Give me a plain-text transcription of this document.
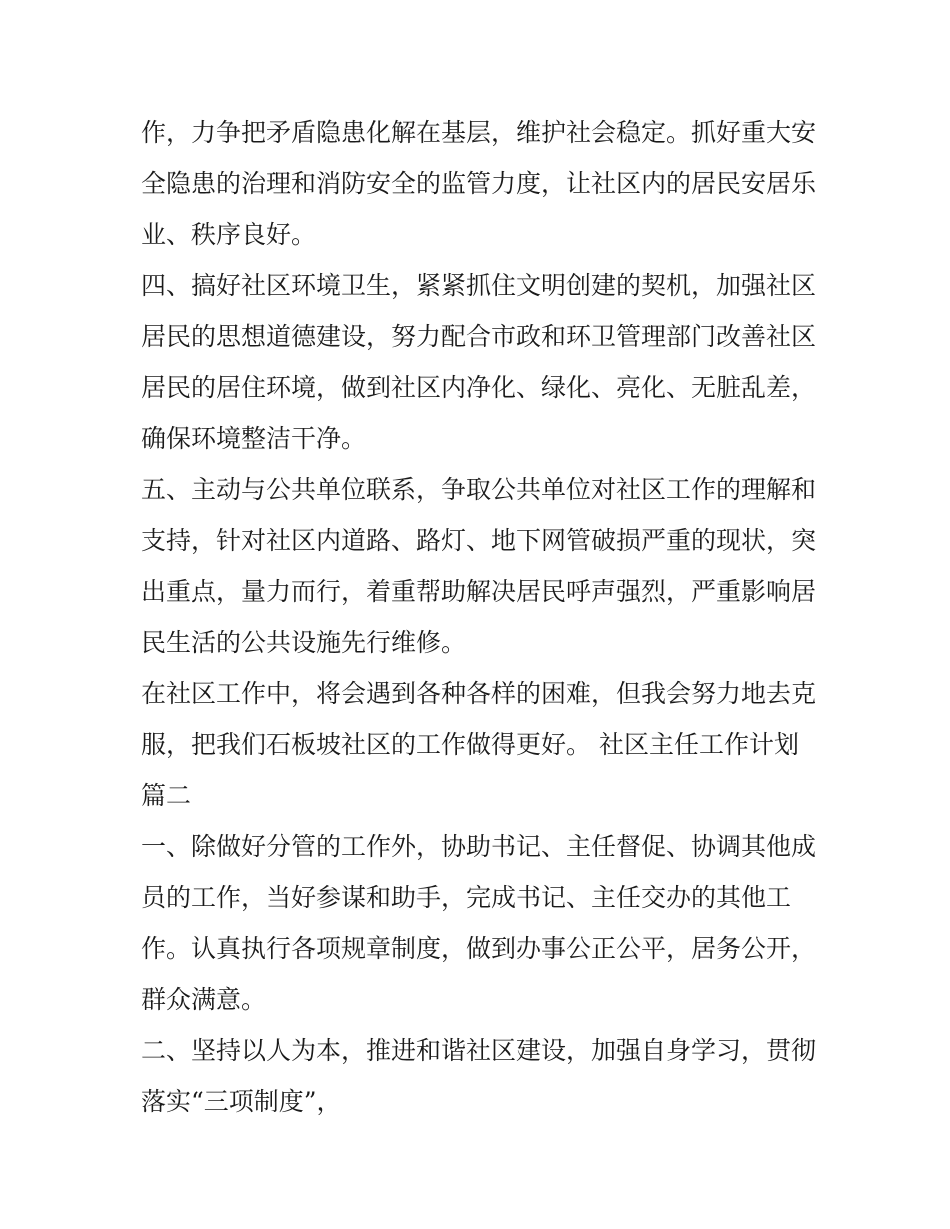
作，力争把矛盾隐患化解在基层，维护社会稳定。抓好重大安
全隐患的治理和消防安全的监管力度，让社区内的居民安居乐
业、秩序良好。
四、搞好社区环境卫生，紧紧抓住文明创建的契机，加强社区
居民的思想道德建设，努力配合市政和环卫管理部门改善社区
居民的居住环境，做到社区内净化、绿化、亮化、无脏乱差，
确保环境整洁干净。
五、主动与公共单位联系，争取公共单位对社区工作的理解和
支持，针对社区内道路、路灯、地下网管破损严重的现状，突
出重点，量力而行，着重帮助解决居民呼声强烈，严重影响居
民生活的公共设施先行维修。
在社区工作中，将会遇到各种各样的困难，但我会努力地去克
服，把我们石板坡社区的工作做得更好。 社区主任工作计划
篇二
一、除做好分管的工作外，协助书记、主任督促、协调其他成
员的工作，当好参谋和助手，完成书记、主任交办的其他工
作。认真执行各项规章制度，做到办事公正公平，居务公开，
群众满意。
二、坚持以人为本，推进和谐社区建设，加强自身学习，贯彻
落实“三项制度”，
